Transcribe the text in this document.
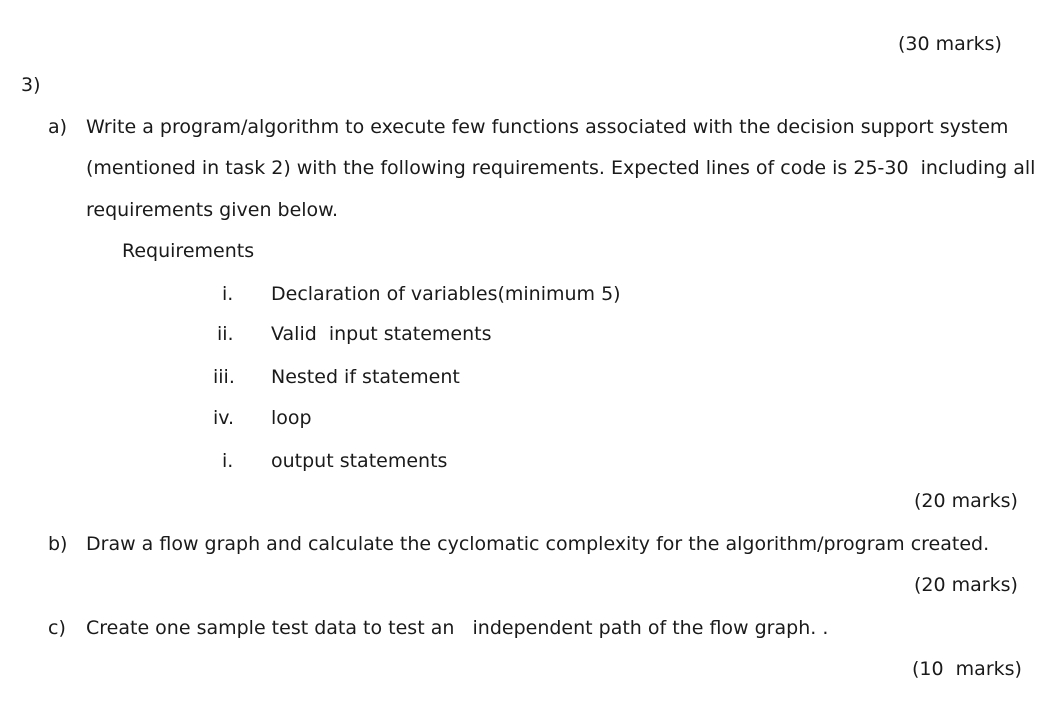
(30 marks)
3)
a) Write a program/algorithm to execute few functions associated with the decision support system
(mentioned in task 2) with the following requirements. Expected lines of code is 25-30  including all
requirements given below.
Requirements
i. Declaration of variables(minimum 5)
ii. Valid  input statements
iii. Nested if statement
iv. loop
i. output statements
(20 marks)
b) Draw a flow graph and calculate the cyclomatic complexity for the algorithm/program created.
(20 marks)
c) Create one sample test data to test an   independent path of the flow graph. .
(10  marks)
